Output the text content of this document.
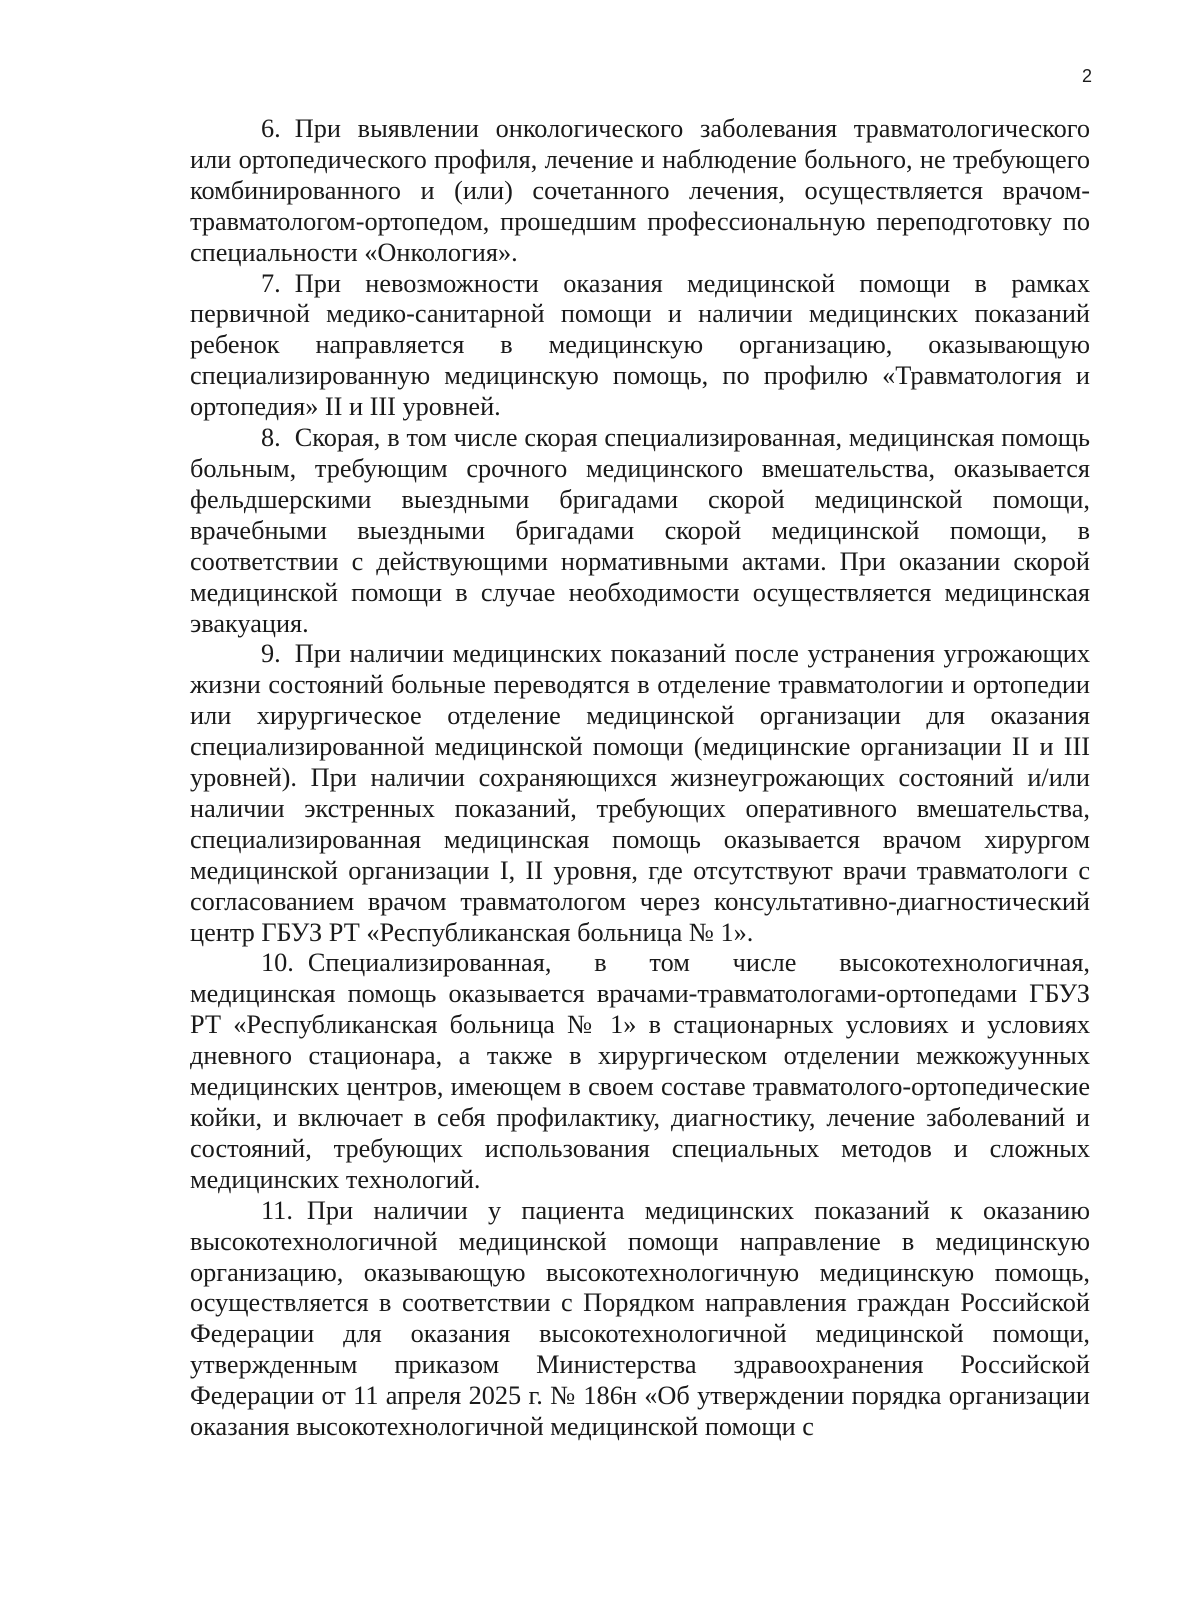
2

6. При выявлении онкологического заболевания травматологического или ортопедического профиля, лечение и наблюдение больного, не требующего комбинированного и (или) сочетанного лечения, осуществляется врачом-травматологом-ортопедом, прошедшим профессиональную переподготовку по специальности «Онкология».

7. При невозможности оказания медицинской помощи в рамках первичной медико-санитарной помощи и наличии медицинских показаний ребенок направляется в медицинскую организацию, оказывающую специализированную медицинскую помощь, по профилю «Травматология и ортопедия» II и III уровней.

8. Скорая, в том числе скорая специализированная, медицинская помощь больным, требующим срочного медицинского вмешательства, оказывается фельдшерскими выездными бригадами скорой медицинской помощи, врачебными выездными бригадами скорой медицинской помощи, в соответствии с действующими нормативными актами. При оказании скорой медицинской помощи в случае необходимости осуществляется медицинская эвакуация.

9. При наличии медицинских показаний после устранения угрожающих жизни состояний больные переводятся в отделение травматологии и ортопедии или хирургическое отделение медицинской организации для оказания специализированной медицинской помощи (медицинские организации II и III уровней). При наличии сохраняющихся жизнеугрожающих состояний и/или наличии экстренных показаний, требующих оперативного вмешательства, специализированная медицинская помощь оказывается врачом хирургом медицинской организации I, II уровня, где отсутствуют врачи травматологи с согласованием врачом травматологом через консультативно-диагностический центр ГБУЗ РТ «Республиканская больница № 1».

10. Специализированная, в том числе высокотехнологичная, медицинская помощь оказывается врачами-травматологами-ортопедами ГБУЗ РТ «Республиканская больница № 1» в стационарных условиях и условиях дневного стационара, а также в хирургическом отделении межкожуунных медицинских центров, имеющем в своем составе травматолого-ортопедические койки, и включает в себя профилактику, диагностику, лечение заболеваний и состояний, требующих использования специальных методов и сложных медицинских технологий.

11. При наличии у пациента медицинских показаний к оказанию высокотехнологичной медицинской помощи направление в медицинскую организацию, оказывающую высокотехнологичную медицинскую помощь, осуществляется в соответствии с Порядком направления граждан Российской Федерации для оказания высокотехнологичной медицинской помощи, утвержденным приказом Министерства здравоохранения Российской Федерации от 11 апреля 2025 г. № 186н «Об утверждении порядка организации оказания высокотехнологичной медицинской помощи с
